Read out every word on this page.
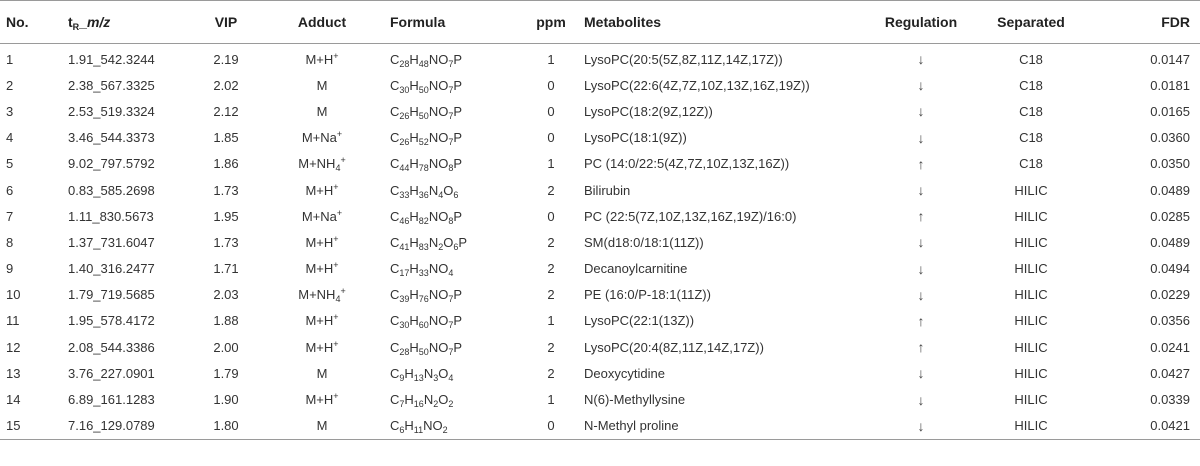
No.	$t_R\_m/z$	VIP	Adduct	Formula	ppm	Metabolites	Regulation	Separated	FDR
1	1.91_542.3244	2.19	M+H+	$C_{28}H_{48}NO_7P$	1	LysoPC(20:5(5Z,8Z,11Z,14Z,17Z))	↓	C18	0.0147
2	2.38_567.3325	2.02	M	$C_{30}H_{50}NO_7P$	0	LysoPC(22:6(4Z,7Z,10Z,13Z,16Z,19Z))	↓	C18	0.0181
3	2.53_519.3324	2.12	M	$C_{26}H_{50}NO_7P$	0	LysoPC(18:2(9Z,12Z))	↓	C18	0.0165
4	3.46_544.3373	1.85	M+Na+	$C_{26}H_{52}NO_7P$	0	LysoPC(18:1(9Z))	↓	C18	0.0360
5	9.02_797.5792	1.86	$M+NH_4^+$	$C_{44}H_{78}NO_8P$	1	PC (14:0/22:5(4Z,7Z,10Z,13Z,16Z))	↑	C18	0.0350
6	0.83_585.2698	1.73	M+H+	$C_{33}H_{36}N_4O_6$	2	Bilirubin	↓	HILIC	0.0489
7	1.11_830.5673	1.95	M+Na+	$C_{46}H_{82}NO_8P$	0	PC (22:5(7Z,10Z,13Z,16Z,19Z)/16:0)	↑	HILIC	0.0285
8	1.37_731.6047	1.73	M+H+	$C_{41}H_{83}N_2O_6P$	2	SM(d18:0/18:1(11Z))	↓	HILIC	0.0489
9	1.40_316.2477	1.71	M+H+	$C_{17}H_{33}NO_4$	2	Decanoylcarnitine	↓	HILIC	0.0494
10	1.79_719.5685	2.03	$M+NH_4^+$	$C_{39}H_{76}NO_7P$	2	PE (16:0/P-18:1(11Z))	↓	HILIC	0.0229
11	1.95_578.4172	1.88	M+H+	$C_{30}H_{60}NO_7P$	1	LysoPC(22:1(13Z))	↑	HILIC	0.0356
12	2.08_544.3386	2.00	M+H+	$C_{28}H_{50}NO_7P$	2	LysoPC(20:4(8Z,11Z,14Z,17Z))	↑	HILIC	0.0241
13	3.76_227.0901	1.79	M	$C_9H_{13}N_3O_4$	2	Deoxycytidine	↓	HILIC	0.0427
14	6.89_161.1283	1.90	M+H+	$C_7H_{16}N_2O_2$	1	N(6)-Methyllysine	↓	HILIC	0.0339
15	7.16_129.0789	1.80	M	$C_6H_{11}NO_2$	0	N-Methyl proline	↓	HILIC	0.0421
